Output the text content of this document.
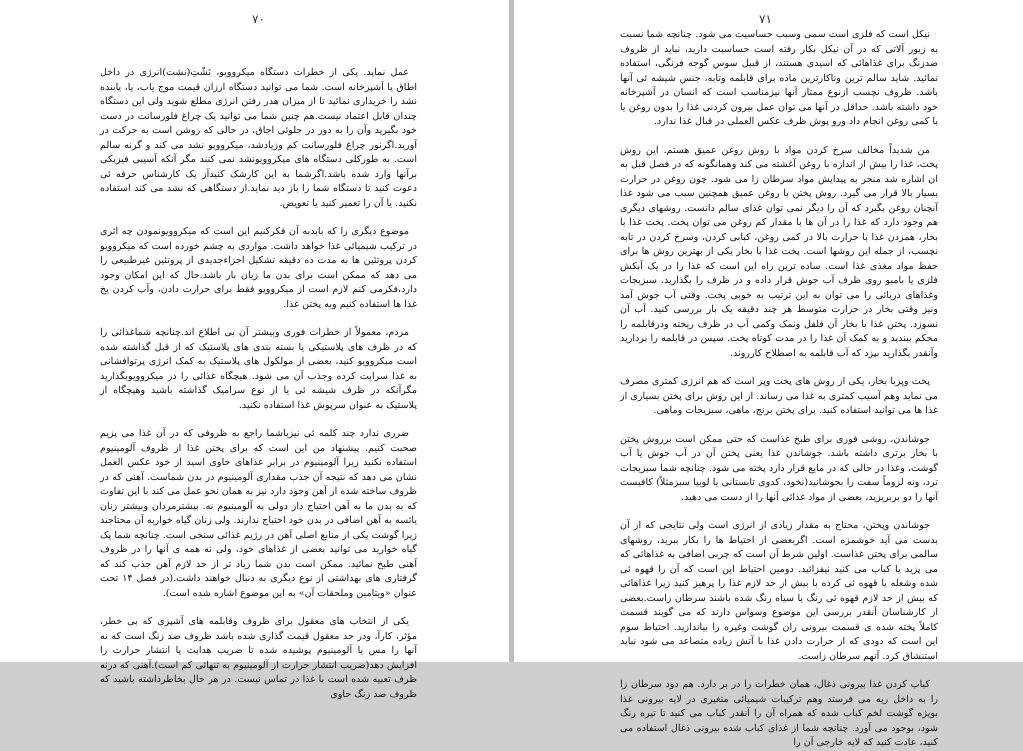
۷۰

عمل نماید. یکی از خطرات دستگاه میکروویو، نَشْتِ(نشت)انرژی در داخل اطاق یا آشپزخانه است. شما می توانید دستگاه ارزان قیمت موج یاب، یا، یابنده نشد را خریداری نمائید تا از میزان هدر رفتن انرژی مطلع شوید ولی این دستگاه چندان قابل اعتماد نیست.هم چنین شما می توانید یک چراغ فلورسانت در دست خود بگیرید وآن را به دور در جلوئی اجاق، در حالی که روشن است به حرکت در آورید.اگرنور چراغ فلورسانت کم وزیادشد، میکروویو نشد می کند و گرنه سالم است. به طورکلی دستگاه های میکروویونشد نمی کنند مگر آنکه آسیبی فیزیکی برآنها وارد شده باشد.اگرشما به این کارشک کنیدآز یک کارشناس حرفه ئی دعوت کنید تا دستگاه شما را باز دید نماید.از دستگاهی که نشد می کند استفاده نکنید. یا آن را تعمیر کنید یا تعویض.

موضوع دیگری را که بایدبه آن فکرکنیم این است که میکروویونمودن چه اثری در ترکیب شیمیائی غذا خواهد داشت. مواردی به چشم خورده است که میکروویو کردن پروتئین ها به مدت ده دقیقه تشکیل اجزاءجدیدی از پروتئین غیرطبیعی را می دهد که ممکن است برای بدن ما زیان بار باشد.حال که این امکان وجود دارد،فکرمی کنم لازم است از میکروویو فقط برای حرارت دادن، وآب کردن یخ غذا ها استفاده کنیم وبه پختن غذا.

مردم، معمولاً از خطرات فوری وبیشتر آن بی اطلاع اند.چنانچه شماغذائی را که در ظرف های پلاستیکی یا بسته بندی های پلاستیک که از قبل گذاشته شده است میکروویو کنید، بعضی از مولکول های پلاستیک به کمک انرژی پرتوافشانی به غذا سرایت کرده وجذب آن می شود. هیچگاه غذائی را در میکروویوبگذارید مگرآنکه در ظرف شیشه ئی یا از نوع سرامیک گذاشته باشید وهیچگاه از پلاستیک به عنوان سرپوش غذا استفاده نکنید.

ضرری ندارد چند کلمه ئی نیزباشما راجع به ظروفی که در آن غذا می پزیم صحبت کنیم. پیشنهاد من این است که برای پختن غذا از ظروف آلومینیوم استفاده نکنید زیرا آلومینیوم در برابر غذاهای حاوی اسید از خود عکس العمل نشان می دهد که نتیجه آن جذب مقداری آلومینیوم در بدن شماست. آهنی که در ظروف ساخته شده از آهن وجود دارد نیز به همان نحو عمل می کند با این تفاوت که به بدن ما به آهن احتیاج دار دولی به آلومینیوم نه. بیشترمردان وبیشتر زنان یائسه به آهن اضافی در بدن خود احتیاج ندارند. ولی زنان گیاه خواربه آن محتاجند زیرا گوشت یکی از منابع اصلی آهن در رژیم غذائی سنجی است. چنانچه شما یک گیاه خوارید می توانید بعضی از غذاهای خود، ولی نه همه ی آنها را در ظروف آهنی طبخ نمائید. ممکن است بدن شما زیاد تر از حد لازم آهن جذب کند که گرفتاری های بهداشتی از نوع دیگری به دنبال خواهند داشت.(در فصل ۱۴ تحت عنوان «ویتامین وملحقات آن» به این موضوع اشاره شده است).

یکی از انتخاب های معقول برای ظروف وقابلمه های آشپزی که بی خطر، مؤثر، کارآ، ودر حد معقول قیمت گذاری شده باشد ظروف ضد زنگ است که نه آنها را مس یا آلومینیوم پوشیده شده تا ضریب هدایت یا انتشار حرارت را افزایش دهد(ضریب انتشار حرارت از آلومینیوم به تنهائی کم است).آهنی که درنه ظرف تعبیه شده است با غذا در تماس نیست. در هر حال بخاطرداشته باشید که ظروف ضد زنگ حاوی

۷۱

نیکل است که فلزی است سمی وسبب حساسیت می شود. چنانچه شما نسبت به زیور آلاتی که در آن نیکل بکار رفته است حساسیت دارید، نباید از ظروف ضدزنگ برای غذاهائی که اسیدی هستند، از قبیل سوس گوجه فرنگی، استفاده نمائید. شاید سالم ترین وناکارترین ماده برای قابلمه وتابه، جنس شیشه ئی آنها باشد. ظروف نچسب ازنوع ممتاز آنها نیزمناسب است که انسان در آشپزخانه خود داشته باشد. حداقل در آنها می توان عمل بیرون کردنی غذا را بدون روغن یا با کمی روغن انجام داد ورو پوش ظرف عکس العملی در قبال غذا ندارد.

من شدیداً مخالف سرخ کردن مواد با روش روغن عمیق هستم. این روش پخت، غذا را بیش از اندازه با روغن آغشته می کند وهمانگونه که در فصل قبل به ان اشاره شد منجر به پیدایش مواد سرطان زا می شود. چون روغن در حرارت بسیار بالا قرار می گیرد. روش پختن با روغن عمیق همچنین سبب می شود غذا آنچنان روغن بگیرد که آن را دیگر نمی توان غذای سالم دانست. روشهای دیگری هم وجود دارد که غذا را در آن ها با مقدار کم روغن می توان پخت. پخت غذا با بخار، همزدن غذا با حرارت بالا در کمی روغن، کبابی کردن، وسرخ کردن در تابه نچسب، از جمله این روشها است. پخت غذا با بخار یکی از بهترین روش ها برای حفظ مواد مغذی غذا است. ساده ترین راه این است که غذا را در یک آبکش فلزی یا بامبو روی ظرف آب جوش قرار داده و در ظرف را بگذارید. سبزیجات وغذاهای دریائی را می توان به این ترتیب به خوبی پخت. وقتی آب جوش آمد ونیز وقتی بخار در حرارت متوسط هر چند دقیقه یک بار بررسی کنید. آب آن نسوزد. پختن غذا با بخار آن فلفل ونمک وکمی آب در ظرف ریخته ودرقابلمه را محکم ببندید و به کمک آن غذا را در مدت کوتاه پخت. سپس در قابلمه را بردارید وآنقدر بگذارید بپزد که آب قابلمه به اصطلاح کارروند.

پخت وپزبا بخار، یکی از روش های پخت وپز است که هم انرژی کمتری مصرف می نماید وهم آسیب کمتری به غذا می رساند. از این روش برای پختن بسیاری از غذا ها می توانید استفاده کنید. برای پختن برنج، ماهی، سبزیجات وماهی.

جوشاندن، روشی فوری برای طبخ غذاست که حتی ممکن است برروش پختن با بخار برتری داشته باشد. جوشاندن غذا یعنی پختن آن در آب جوش یا آب گوشت، وغذا در حالی که در مایع قرار دارد پخته می شود. چنانچه شما سبزیجات ترد، ونه لزوماً سفت را بجوشانید(نخود، کدوی تابستانی یا لوبیا سبزمثلاً) کافیست آنها را دو بربریزید، بعضی از مواد غذائی آنها را از دست می دهید.

جوشاندن وپختن، محتاج به مقدار زیادی از انرژی است ولی نتایجی که از آن بدست می آید خوشمزه است. اگربعضی از احتیاط ها را بکار ببرید، روشهای سالمی برای پختن غذاست. اولین شرط آن است که چربی اضافی به غذاهائی که می پزید یا کباب می کنید نیفزائید. دومین احتیاط این است که آن را قهوه ئی شده وشعله یا قهوه ئی کرده با بیش از حد لازم غذا را پرهیز کنید زیرا غذاهائی که بیش از حد لازم قهوه ئی رنگ یا سیاه رنگ شده باشند سرطان زاست.بعضی از کارشناسان آنقدر بررسی این موضوع وسواس دارند که می گویند قسمت کاملاً پخته شده ی قسمت بیرونی ران گوشت وغیره را بیاندازید. احتیاط سوم این است که دودی که از حرارت دادن غذا با آتش زیاده متصاعد می شود نباید استنشاق کرد. آنهم سرطان زاست.

کباب کردن غذا بیرونی ذغال، همان خطرات را در بر دارد. هم دود سرطان زا را به داخل ریه می فرستد وهم ترکیبات شیمیائی متغیری در لایه بیرونی غذا بویژه گوشت لخم کباب شده که همراه آن را آنقدر کباب می کنید تا تیره رنگ شود، بوجود می آورد. چنانچه شما از غذای کباب شده بیرونی ذغال استفاده می کنید، عادت کنید که لایه خارجی آن را
